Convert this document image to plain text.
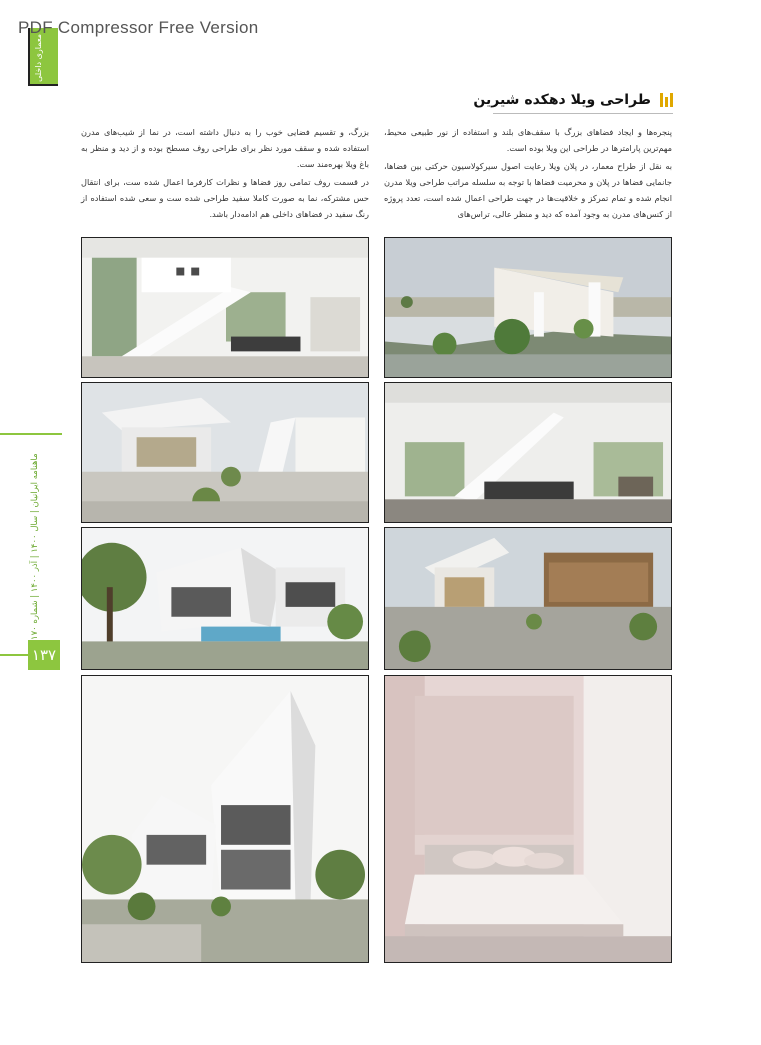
PDF Compressor Free Version
معماری داخلی
ماهنامه ایرانیان | سال ۱۴۰۰ | آذر ۱۴۰۰ | شماره ۱۷۰
۱۳۷
طراحی ویلا دهکده شیرین

پنجره‌ها و ایجاد فضاهای بزرگ با سقف‌های بلند و استفاده از نور طبیعی محیط، مهم‌ترین پارامترها در طراحی این ویلا بوده است.

به نقل از طراح معمار، در پلان ویلا رعایت اصول سیرکولاسیون حرکتی بین فضاها، جانمایی فضاها در پلان و محرمیت فضاها با توجه به سلسله مراتب طراحی ویلا مدرن انجام شده و تمام تمرکز و خلاقیت‌ها در جهت طراحی اعمال شده است، تعدد پروژه از کنس‌های مدرن به وجود آمده که دید و منظر عالی، تراس‌های

بزرگ، و تقسیم فضایی خوب را به دنبال داشته است، در نما از شیب‌های مدرن استفاده شده و سقف مورد نظر برای طراحی روف مسطح بوده و از دید و منظر به باغ ویلا بهره‌مند ست.

در قسمت روف تمامی روز فضاها و نظرات کارفرما اعمال شده ست، برای انتقال حس مشترکه، نما به صورت کاملا سفید طراحی شده ست و سعی شده استفاده از رنگ سفید در فضاهای داخلی هم ادامه‌دار باشد.
